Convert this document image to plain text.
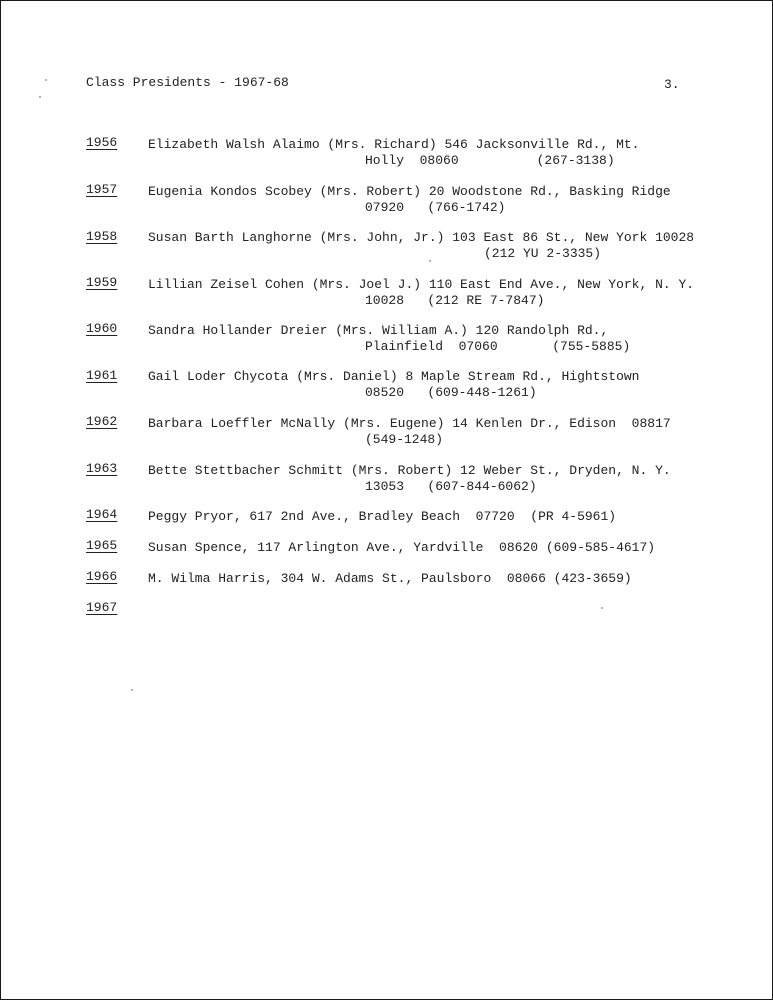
Class Presidents - 1967-68	3.
1956 Elizabeth Walsh Alaimo (Mrs. Richard) 546 Jacksonville Rd., Mt.
Holly  08060          (267-3138)
1957 Eugenia Kondos Scobey (Mrs. Robert) 20 Woodstone Rd., Basking Ridge
07920   (766-1742)
1958 Susan Barth Langhorne (Mrs. John, Jr.) 103 East 86 St., New York 10028
(212 YU 2-3335)
1959 Lillian Zeisel Cohen (Mrs. Joel J.) 110 East End Ave., New York, N. Y.
10028   (212 RE 7-7847)
1960 Sandra Hollander Dreier (Mrs. William A.) 120 Randolph Rd.,
Plainfield  07060       (755-5885)
1961 Gail Loder Chycota (Mrs. Daniel) 8 Maple Stream Rd., Hightstown
08520   (609-448-1261)
1962 Barbara Loeffler McNally (Mrs. Eugene) 14 Kenlen Dr., Edison  08817
(549-1248)
1963 Bette Stettbacher Schmitt (Mrs. Robert) 12 Weber St., Dryden, N. Y.
13053   (607-844-6062)
1964 Peggy Pryor, 617 2nd Ave., Bradley Beach  07720  (PR 4-5961)
1965 Susan Spence, 117 Arlington Ave., Yardville  08620 (609-585-4617)
1966 M. Wilma Harris, 304 W. Adams St., Paulsboro  08066 (423-3659)
1967
